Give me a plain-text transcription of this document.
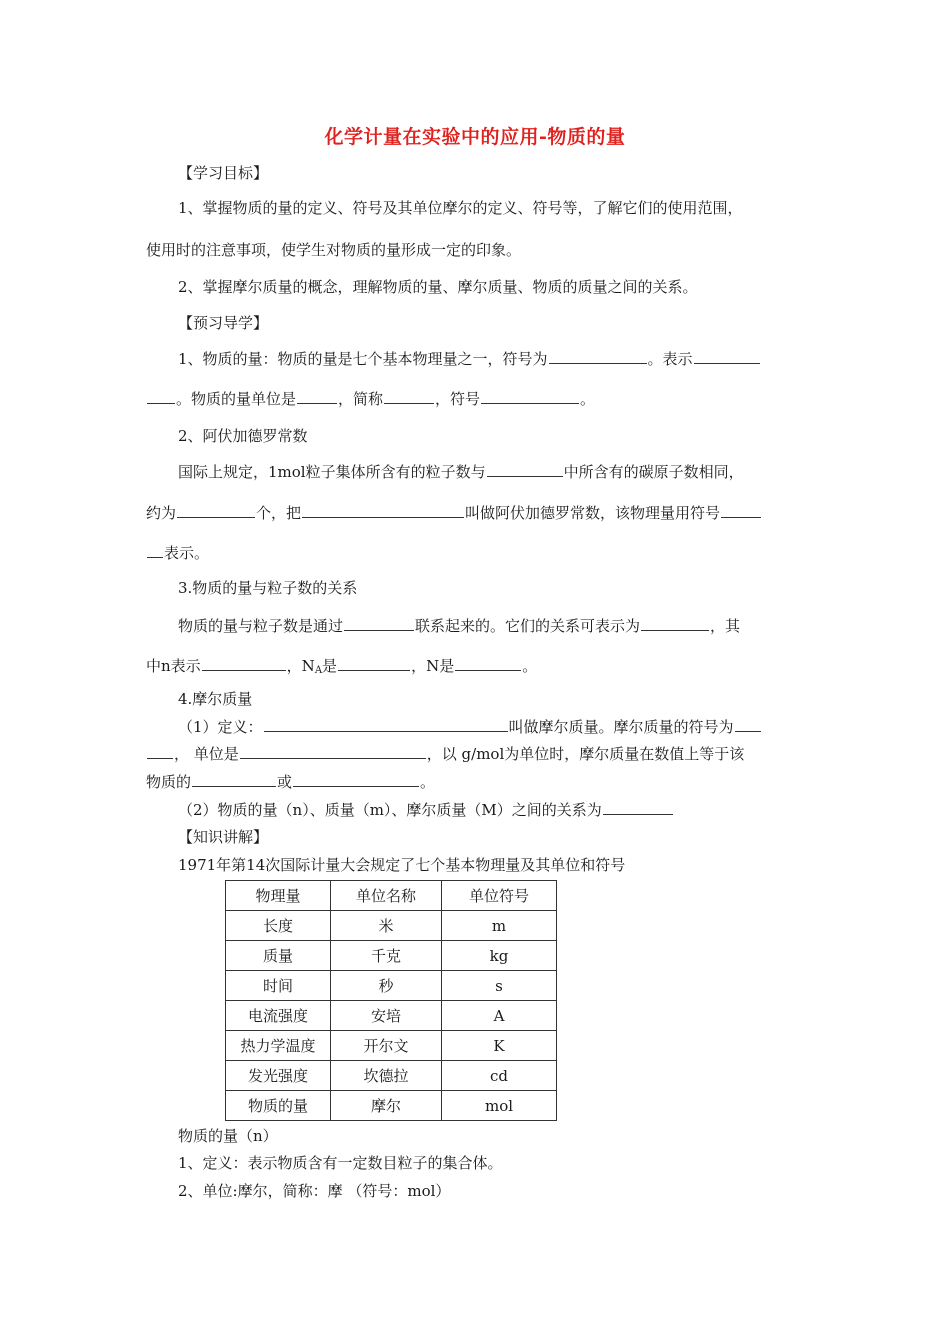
化学计量在实验中的应用-物质的量
【学习目标】
1、掌握物质的量的定义、符号及其单位摩尔的定义、符号等，了解它们的使用范围，
使用时的注意事项，使学生对物质的量形成一定的印象。
2、掌握摩尔质量的概念，理解物质的量、摩尔质量、物质的质量之间的关系。
【预习导学】
1、物质的量：物质的量是七个基本物理量之一，符号为	。表示
。物质的量单位是	，简称	，符号	。
2、阿伏加德罗常数
国际上规定，1mol粒子集体所含有的粒子数与	中所含有的碳原子数相同，
约为	个，把	叫做阿伏加德罗常数，该物理量用符号
表示。
3.物质的量与粒子数的关系
物质的量与粒子数是通过	联系起来的。它们的关系可表示为	，其
中n表示	，$N_A$是	，N是	。
4.摩尔质量
（1）定义：	叫做摩尔质量。摩尔质量的符号为
， 单位是	，以 g/mol为单位时，摩尔质量在数值上等于该
物质的	或	。
（2）物质的量（n）、质量（m）、摩尔质量（M）之间的关系为
【知识讲解】
1971年第14次国际计量大会规定了七个基本物理量及其单位和符号
物理量	单位名称	单位符号
长度	米	m
质量	千克	kg
时间	秒	s
电流强度	安培	A
热力学温度	开尔文	K
发光强度	坎德拉	cd
物质的量	摩尔	mol
物质的量（n）
1、定义：表示物质含有一定数目粒子的集合体。
2、单位:摩尔，简称：摩 （符号：mol）
